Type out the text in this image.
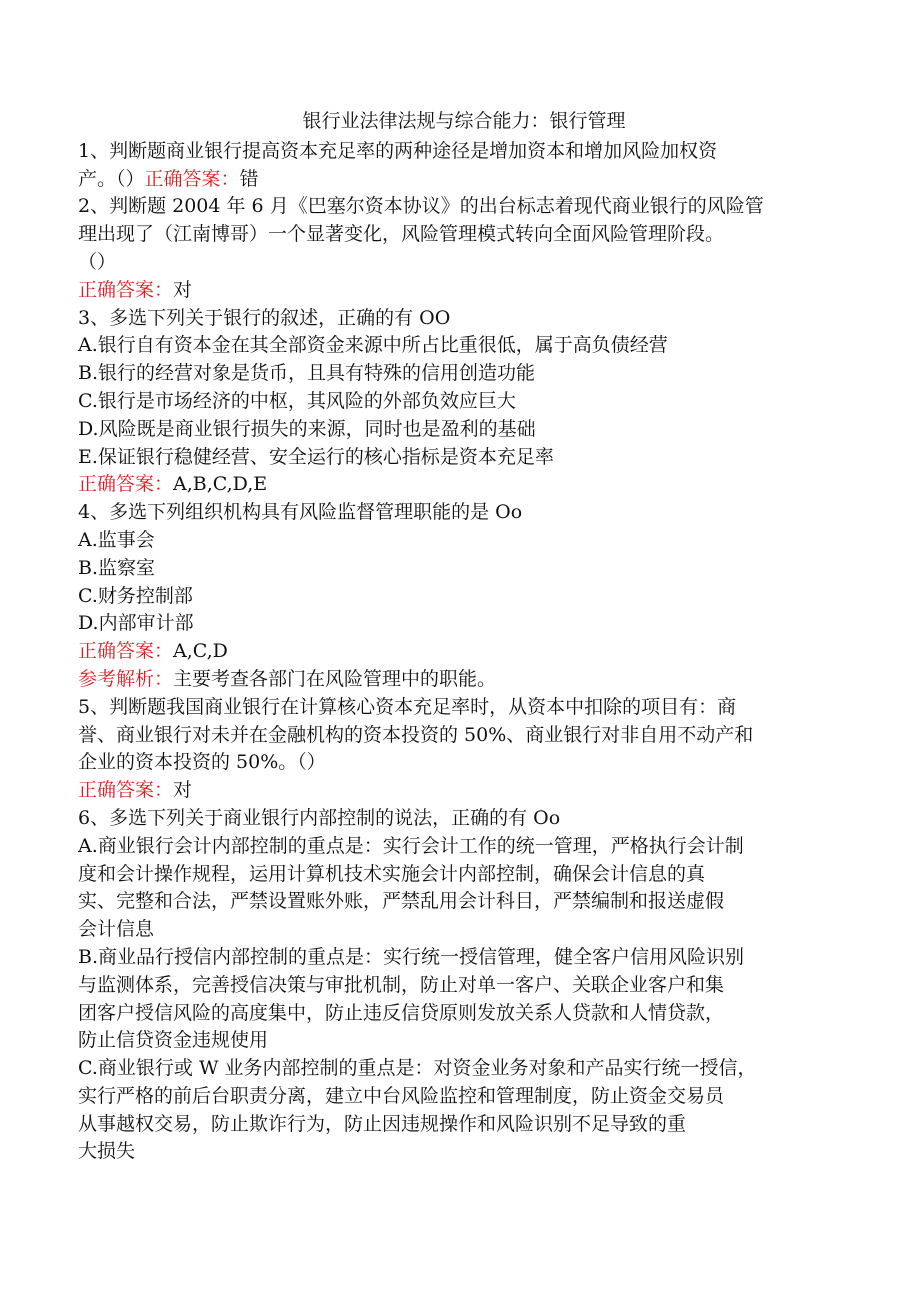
银行业法律法规与综合能力：银行管理

1、判断题商业银行提高资本充足率的两种途径是增加资本和增加风险加权资

产。（）正确答案：错

2、判断题 2004 年 6 月《巴塞尔资本协议》的出台标志着现代商业银行的风险管

理出现了（江南博哥）一个显著变化，风险管理模式转向全面风险管理阶段。

（）

正确答案：对

3、多选下列关于银行的叙述，正确的有 OO

A.银行自有资本金在其全部资金来源中所占比重很低，属于高负债经营

B.银行的经营对象是货币，且具有特殊的信用创造功能

C.银行是市场经济的中枢，其风险的外部负效应巨大

D.风险既是商业银行损失的来源，同时也是盈利的基础

E.保证银行稳健经营、安全运行的核心指标是资本充足率

正确答案：A,B,C,D,E

4、多选下列组织机构具有风险监督管理职能的是 Oo

A.监事会

B.监察室

C.财务控制部

D.内部审计部

正确答案：A,C,D

参考解析：主要考查各部门在风险管理中的职能。

5、判断题我国商业银行在计算核心资本充足率时，从资本中扣除的项目有：商

誉、商业银行对未并在金融机构的资本投资的 50%、商业银行对非自用不动产和

企业的资本投资的 50%。（）

正确答案：对

6、多选下列关于商业银行内部控制的说法，正确的有 Oo

A.商业银行会计内部控制的重点是：实行会计工作的统一管理，严格执行会计制

度和会计操作规程，运用计算机技术实施会计内部控制，确保会计信息的真

实、完整和合法，严禁设置账外账，严禁乱用会计科目，严禁编制和报送虚假

会计信息

B.商业品行授信内部控制的重点是：实行统一授信管理，健全客户信用风险识别

与监测体系，完善授信决策与审批机制，防止对单一客户、关联企业客户和集

团客户授信风险的高度集中，防止违反信贷原则发放关系人贷款和人情贷款，

防止信贷资金违规使用

C.商业银行或 W 业务内部控制的重点是：对资金业务对象和产品实行统一授信，

实行严格的前后台职责分离，建立中台风险监控和管理制度，防止资金交易员

从事越权交易，防止欺诈行为，防止因违规操作和风险识别不足导致的重

大损失
